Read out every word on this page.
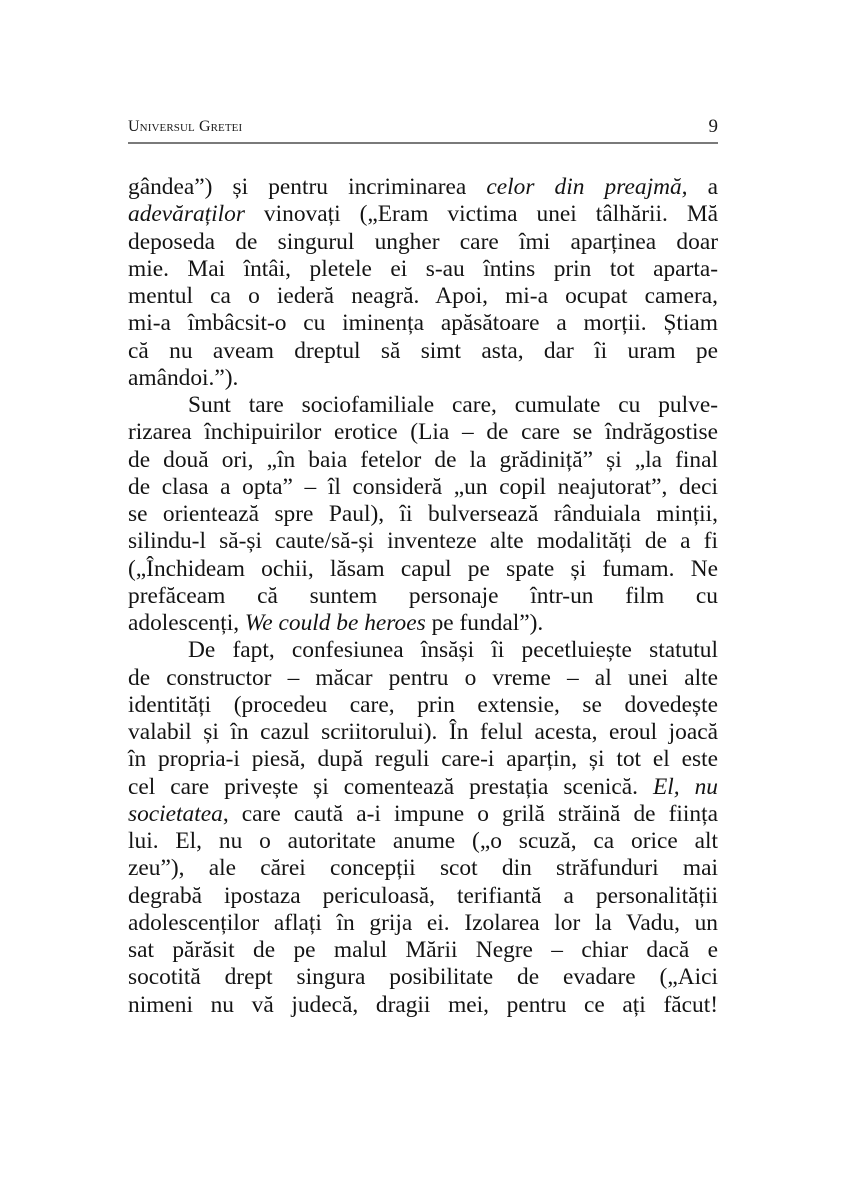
Universul Gretei	9
gândea”) și pentru incriminarea celor din preajmă, a
adevăraților vinovați („Eram victima unei tâlhării. Mă
deposeda de singurul ungher care îmi aparținea doar
mie. Mai întâi, pletele ei s-au întins prin tot aparta-
mentul ca o iederă neagră. Apoi, mi-a ocupat camera,
mi-a îmbâcsit-o cu iminența apăsătoare a morții. Știam
că nu aveam dreptul să simt asta, dar îi uram pe
amândoi.”).
Sunt tare sociofamiliale care, cumulate cu pulve-
rizarea închipuirilor erotice (Lia – de care se îndrăgostise
de două ori, „în baia fetelor de la grădiniță” și „la final
de clasa a opta” – îl consideră „un copil neajutorat”, deci
se orientează spre Paul), îi bulversează rânduiala minții,
silindu-l să-și caute/să-și inventeze alte modalități de a fi
(„Închideam ochii, lăsam capul pe spate și fumam. Ne
prefăceam că suntem personaje într-un film cu
adolescenți, We could be heroes pe fundal”).
De fapt, confesiunea însăși îi pecetluiește statutul
de constructor – măcar pentru o vreme – al unei alte
identități (procedeu care, prin extensie, se dovedește
valabil și în cazul scriitorului). În felul acesta, eroul joacă
în propria-i piesă, după reguli care-i aparțin, și tot el este
cel care privește și comentează prestația scenică. El, nu
societatea, care caută a-i impune o grilă străină de ființa
lui. El, nu o autoritate anume („o scuză, ca orice alt
zeu”), ale cărei concepții scot din străfunduri mai
degrabă ipostaza periculoasă, terifiantă a personalității
adolescenților aflați în grija ei. Izolarea lor la Vadu, un
sat părăsit de pe malul Mării Negre – chiar dacă e
socotită drept singura posibilitate de evadare („Aici
nimeni nu vă judecă, dragii mei, pentru ce ați făcut!
